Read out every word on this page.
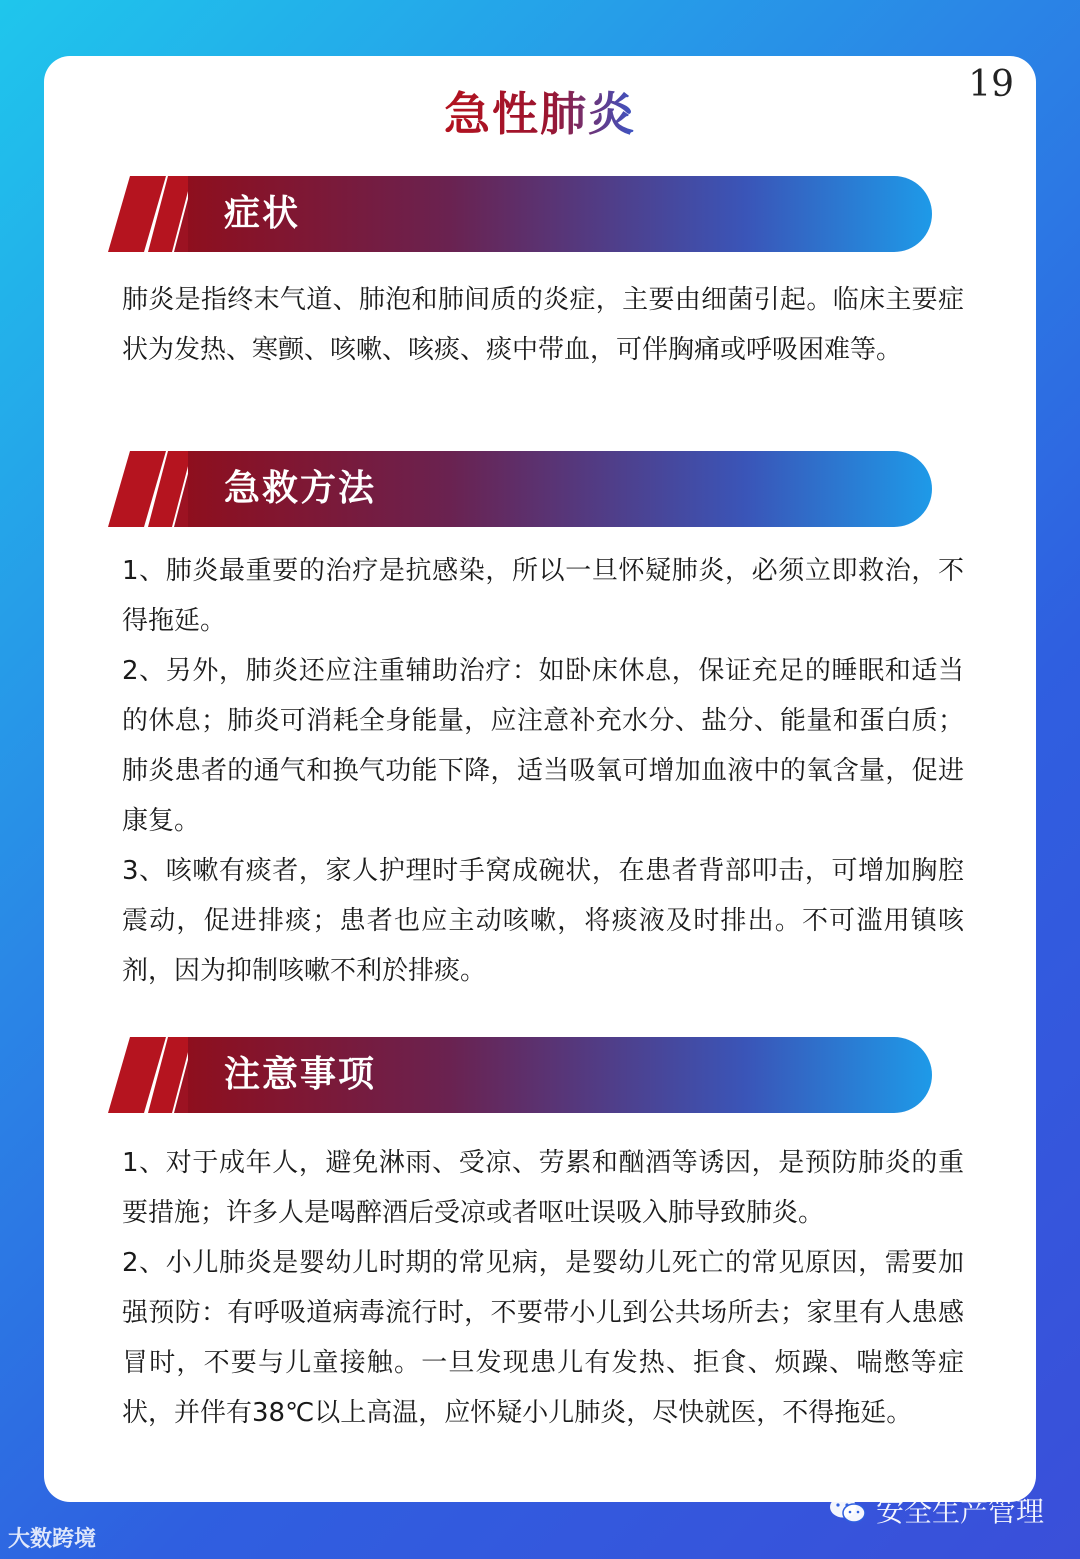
19
急性肺炎
症状

肺炎是指终末气道、肺泡和肺间质的炎症，主要由细菌引起。临床主要症状为发热、寒颤、咳嗽、咳痰、痰中带血，可伴胸痛或呼吸困难等。

急救方法

1、肺炎最重要的治疗是抗感染，所以一旦怀疑肺炎，必须立即救治，不得拖延。

2、另外，肺炎还应注重辅助治疗：如卧床休息，保证充足的睡眠和适当的休息；肺炎可消耗全身能量，应注意补充水分、盐分、能量和蛋白质；肺炎患者的通气和换气功能下降，适当吸氧可增加血液中的氧含量，促进康复。

3、咳嗽有痰者，家人护理时手窝成碗状，在患者背部叩击，可增加胸腔震动，促进排痰；患者也应主动咳嗽，将痰液及时排出。不可滥用镇咳剂，因为抑制咳嗽不利於排痰。

注意事项

1、对于成年人，避免淋雨、受凉、劳累和酗酒等诱因，是预防肺炎的重要措施；许多人是喝醉酒后受凉或者呕吐误吸入肺导致肺炎。

2、小儿肺炎是婴幼儿时期的常见病，是婴幼儿死亡的常见原因，需要加强预防：有呼吸道病毒流行时，不要带小儿到公共场所去；家里有人患感冒时，不要与儿童接触。一旦发现患儿有发热、拒食、烦躁、喘憋等症状，并伴有38℃以上高温，应怀疑小儿肺炎，尽快就医，不得拖延。

大数跨境
安全生产管理
